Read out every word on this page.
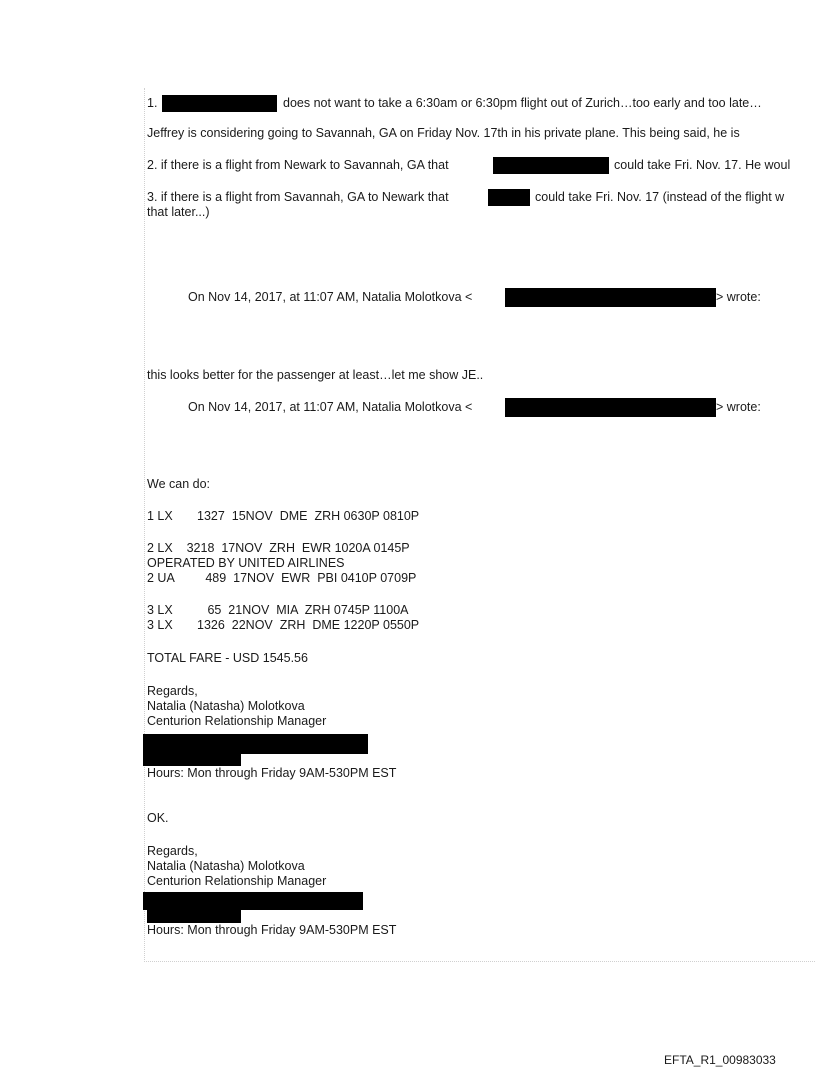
1.	does not want to take a 6:30am or 6:30pm flight out of Zurich…too early and too late…
Jeffrey is considering going to Savannah, GA on Friday Nov. 17th in his private plane. This being said, he is
2. if there is a flight from Newark to Savannah, GA that	could take Fri. Nov. 17. He woul
3. if there is a flight from Savannah, GA to Newark that	could take Fri. Nov. 17 (instead of the flight w
that later...)
On Nov 14, 2017, at 11:07 AM, Natalia Molotkova <	> wrote:
this looks better for the passenger at least…let me show JE..
On Nov 14, 2017, at 11:07 AM, Natalia Molotkova <	> wrote:
We can do:
1 LX       1327  15NOV  DME  ZRH 0630P 0810P
2 LX    3218  17NOV  ZRH  EWR 1020A 0145P
OPERATED BY UNITED AIRLINES
2 UA         489  17NOV  EWR  PBI 0410P 0709P
3 LX          65  21NOV  MIA  ZRH 0745P 1100A
3 LX       1326  22NOV  ZRH  DME 1220P 0550P
TOTAL FARE - USD 1545.56
Regards,
Natalia (Natasha) Molotkova
Centurion Relationship Manager
Hours: Mon through Friday 9AM-530PM EST
OK.
Regards,
Natalia (Natasha) Molotkova
Centurion Relationship Manager
Hours: Mon through Friday 9AM-530PM EST
EFTA_R1_00983033
